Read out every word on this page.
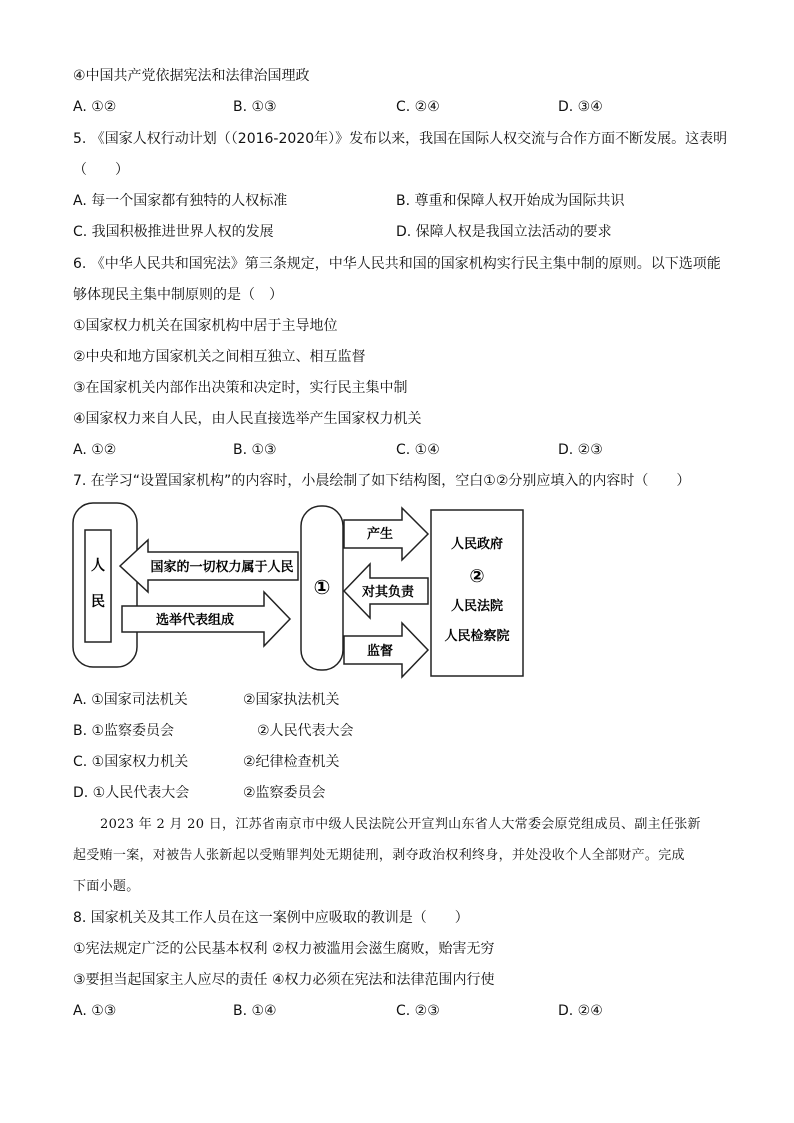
④中国共产党依据宪法和法律治国理政
A. ①②	B. ①③	C. ②④	D. ③④
5. 《国家人权行动计划（（2016-2020年）》发布以来，我国在国际人权交流与合作方面不断发展。这表明
（　　）
A. 每一个国家都有独特的人权标准	B. 尊重和保障人权开始成为国际共识
C. 我国积极推进世界人权的发展	D. 保障人权是我国立法活动的要求
6. 《中华人民共和国宪法》第三条规定，中华人民共和国的国家机构实行民主集中制的原则。以下选项能
够体现民主集中制原则的是（　）
①国家权力机关在国家机构中居于主导地位
②中央和地方国家机关之间相互独立、相互监督
③在国家机关内部作出决策和决定时，实行民主集中制
④国家权力来自人民，由人民直接选举产生国家权力机关
A. ①②	B. ①③	C. ①④	D. ②③
7. 在学习“设置国家机构”的内容时，小晨绘制了如下结构图，空白①②分别应填入的内容时（　　）
人
民
国家的一切权力属于人民
选举代表组成
①
产生
对其负责
监督
人民政府
②
人民法院
人民检察院
A. ①国家司法机关	②国家执法机关
B. ①监察委员会	②人民代表大会
C. ①国家权力机关	②纪律检查机关
D. ①人民代表大会	②监察委员会
2023 年 2 月 20 日，江苏省南京市中级人民法院公开宣判山东省人大常委会原党组成员、副主任张新
起受贿一案，对被告人张新起以受贿罪判处无期徒刑，剥夺政治权利终身，并处没收个人全部财产。完成
下面小题。
8. 国家机关及其工作人员在这一案例中应吸取的教训是（　　）
①宪法规定广泛的公民基本权利 ②权力被滥用会滋生腐败，贻害无穷
③要担当起国家主人应尽的责任 ④权力必须在宪法和法律范围内行使
A. ①③	B. ①④	C. ②③	D. ②④
